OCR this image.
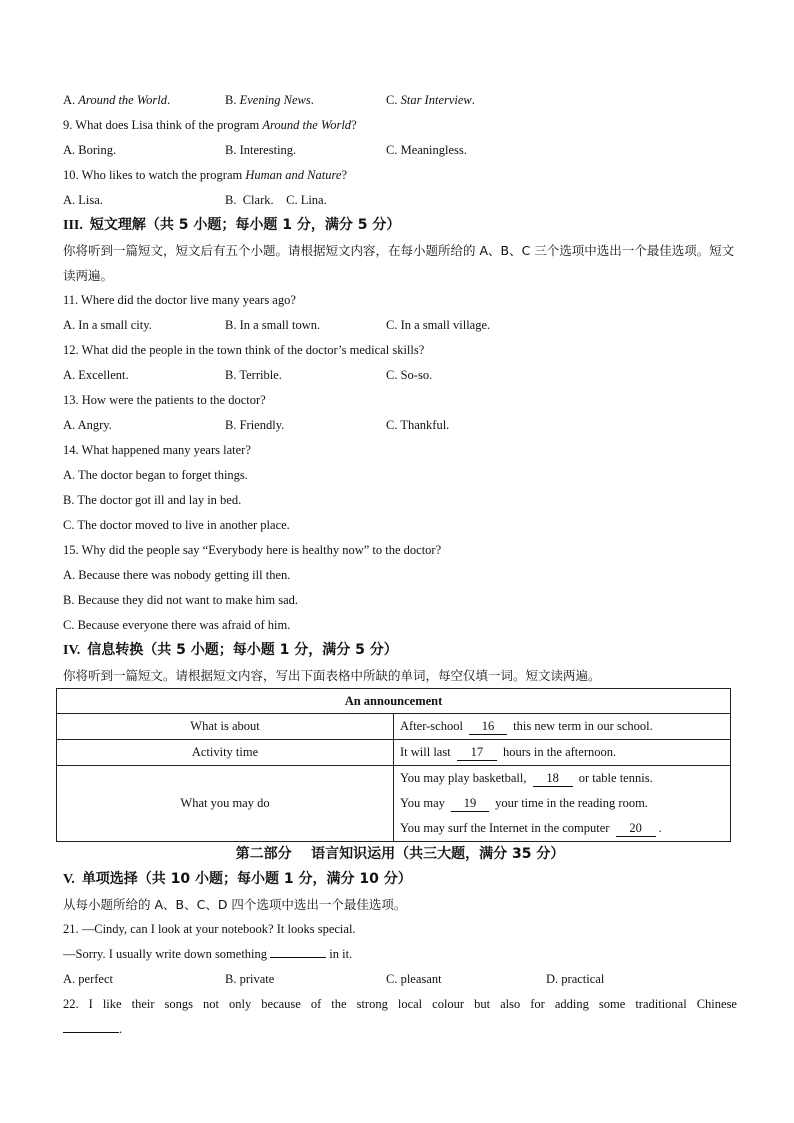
A. Around the World.	B. Evening News.	C. Star Interview.
9. What does Lisa think of the program Around the World?
A. Boring.	B. Interesting.	C. Meaningless.
10. Who likes to watch the program Human and Nature?
A. Lisa.	B.  Clark.    C. Lina.
III. 短文理解（共 5 小题；每小题 1 分，满分 5 分）
你将听到一篇短文，短文后有五个小题。请根据短文内容，在每小题所给的 A、B、C 三个选项中选出一个最佳选项。短文读两遍。
11. Where did the doctor live many years ago?
A. In a small city.	B. In a small town.	C. In a small village.
12. What did the people in the town think of the doctor’s medical skills?
A. Excellent.	B. Terrible.	C. So-so.
13. How were the patients to the doctor?
A. Angry.	B. Friendly.	C. Thankful.
14. What happened many years later?
A. The doctor began to forget things.
B. The doctor got ill and lay in bed.
C. The doctor moved to live in another place.
15. Why did the people say “Everybody here is healthy now” to the doctor?
A. Because there was nobody getting ill then.
B. Because they did not want to make him sad.
C. Because everyone there was afraid of him.
IV. 信息转换（共 5 小题；每小题 1 分，满分 5 分）
你将听到一篇短文。请根据短文内容，写出下面表格中所缺的单词，每空仅填一词。短文读两遍。
An announcement	
What is about	After-school 16 this new term in our school.

Activity time	It will last 17 hours in the afternoon.

What you may do	You may play basketball, 18 or table tennis.
You may 19 your time in the reading room.
You may surf the Internet in the computer 20 .
第二部分    语言知识运用（共三大题，满分 35 分）
V. 单项选择（共 10 小题；每小题 1 分，满分 10 分）
从每小题所给的 A、B、C、D 四个选项中选出一个最佳选项。
21. —Cindy, can I look at your notebook? It looks special.
—Sorry. I usually write down something	in it.
A. perfect	B. private	C. pleasant	D. practical
22. I like their songs not only because of the strong local colour but also for adding some traditional Chinese
.
